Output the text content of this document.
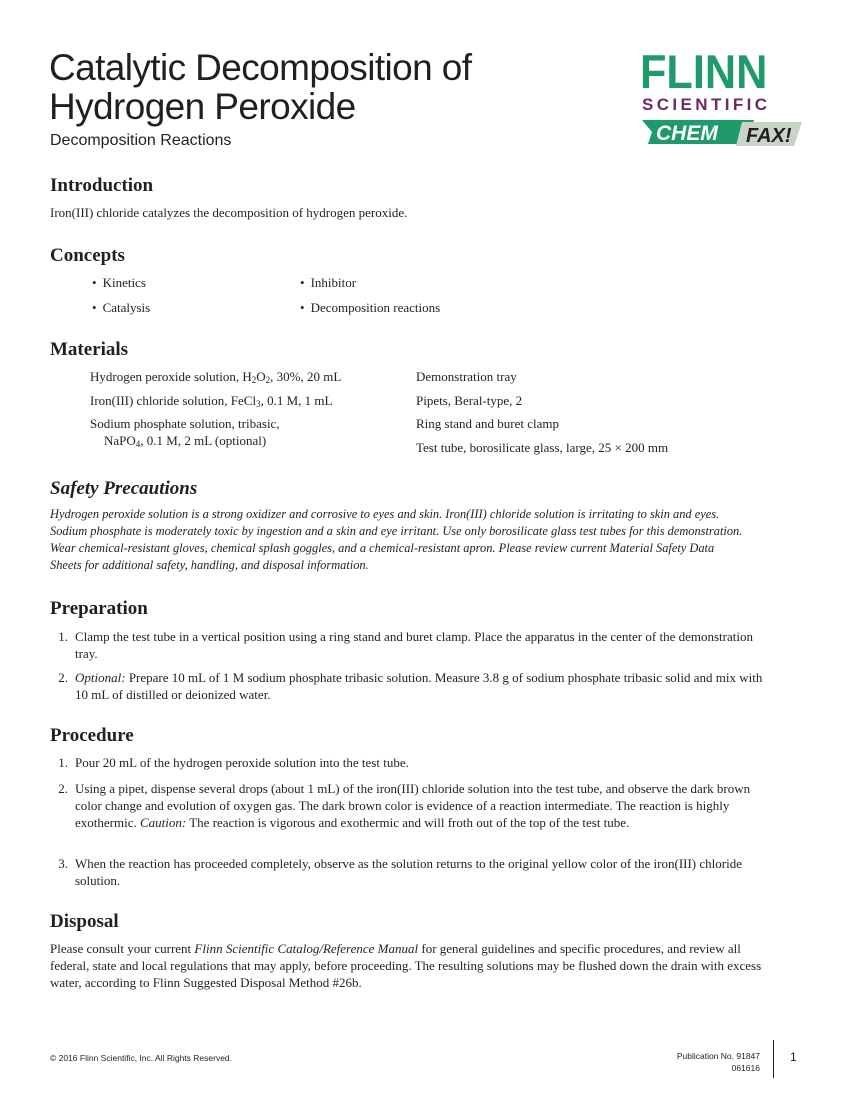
Catalytic Decomposition of
Hydrogen Peroxide
Decomposition Reactions
FLINN
SCIENTIFIC
CHEM FAX!
Introduction
Iron(III) chloride catalyzes the decomposition of hydrogen peroxide.
Concepts
• Kinetics	• Inhibitor
• Catalysis	• Decomposition reactions
Materials
Hydrogen peroxide solution, $H_2O_2$, 30%, 20 mL
Iron(III) chloride solution, FeCl$_3$, 0.1 M, 1 mL
Sodium phosphate solution, tribasic,
NaPO$_4$, 0.1 M, 2 mL (optional)
Demonstration tray
Pipets, Beral-type, 2
Ring stand and buret clamp
Test tube, borosilicate glass, large, 25 × 200 mm
Safety Precautions
Hydrogen peroxide solution is a strong oxidizer and corrosive to eyes and skin. Iron(III) chloride solution is irritating to skin and eyes.
Sodium phosphate is moderately toxic by ingestion and a skin and eye irritant. Use only borosilicate glass test tubes for this demonstration.
Wear chemical-resistant gloves, chemical splash goggles, and a chemical-resistant apron. Please review current Material Safety Data
Sheets for additional safety, handling, and disposal information.
Preparation
1. Clamp the test tube in a vertical position using a ring stand and buret clamp. Place the apparatus in the center of the demonstration tray.
2. Optional: Prepare 10 mL of 1 M sodium phosphate tribasic solution. Measure 3.8 g of sodium phosphate tribasic solid and mix with 10 mL of distilled or deionized water.
Procedure
1. Pour 20 mL of the hydrogen peroxide solution into the test tube.
2. Using a pipet, dispense several drops (about 1 mL) of the iron(III) chloride solution into the test tube, and observe the dark brown color change and evolution of oxygen gas. The dark brown color is evidence of a reaction intermediate. The reaction is highly exothermic. Caution: The reaction is vigorous and exothermic and will froth out of the top of the test tube.
3. When the reaction has proceeded completely, observe as the solution returns to the original yellow color of the iron(III) chloride solution.
Disposal
Please consult your current Flinn Scientific Catalog/Reference Manual for general guidelines and specific procedures, and review all federal, state and local regulations that may apply, before proceeding. The resulting solutions may be flushed down the drain with excess water, according to Flinn Suggested Disposal Method #26b.
© 2016 Flinn Scientific, Inc. All Rights Reserved.	Publication No. 91847
061616
1
